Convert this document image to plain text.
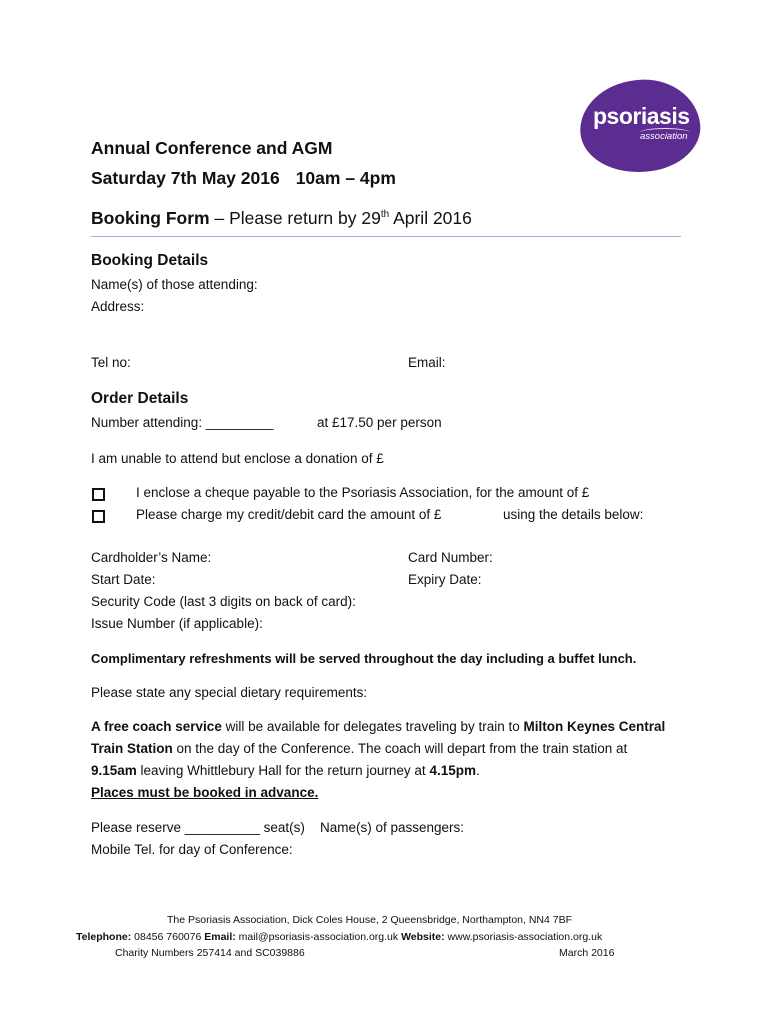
psoriasis
association
Annual Conference and AGM
Saturday 7th May 2016 10am – 4pm
Booking Form – Please return by 29th April 2016
Booking Details
Name(s) of those attending:
Address:
Tel no:	Email:
Order Details
Number attending: _________	at £17.50 per person
I am unable to attend but enclose a donation of £
I enclose a cheque payable to the Psoriasis Association, for the amount of £
Please charge my credit/debit card the amount of £	using the details below:
Cardholder’s Name:	Card Number:
Start Date:	Expiry Date:
Security Code (last 3 digits on back of card):
Issue Number (if applicable):
Complimentary refreshments will be served throughout the day including a buffet lunch.
Please state any special dietary requirements:
A free coach service will be available for delegates traveling by train to Milton Keynes Central
Train Station on the day of the Conference. The coach will depart from the train station at
9.15am leaving Whittlebury Hall for the return journey at 4.15pm.
Places must be booked in advance.
Please reserve __________ seat(s) Name(s) of passengers:
Mobile Tel. for day of Conference:
The Psoriasis Association, Dick Coles House, 2 Queensbridge, Northampton, NN4 7BF
Telephone: 08456 760076 Email: mail@psoriasis-association.org.uk Website: www.psoriasis-association.org.uk
Charity Numbers 257414 and SC039886	March 2016
